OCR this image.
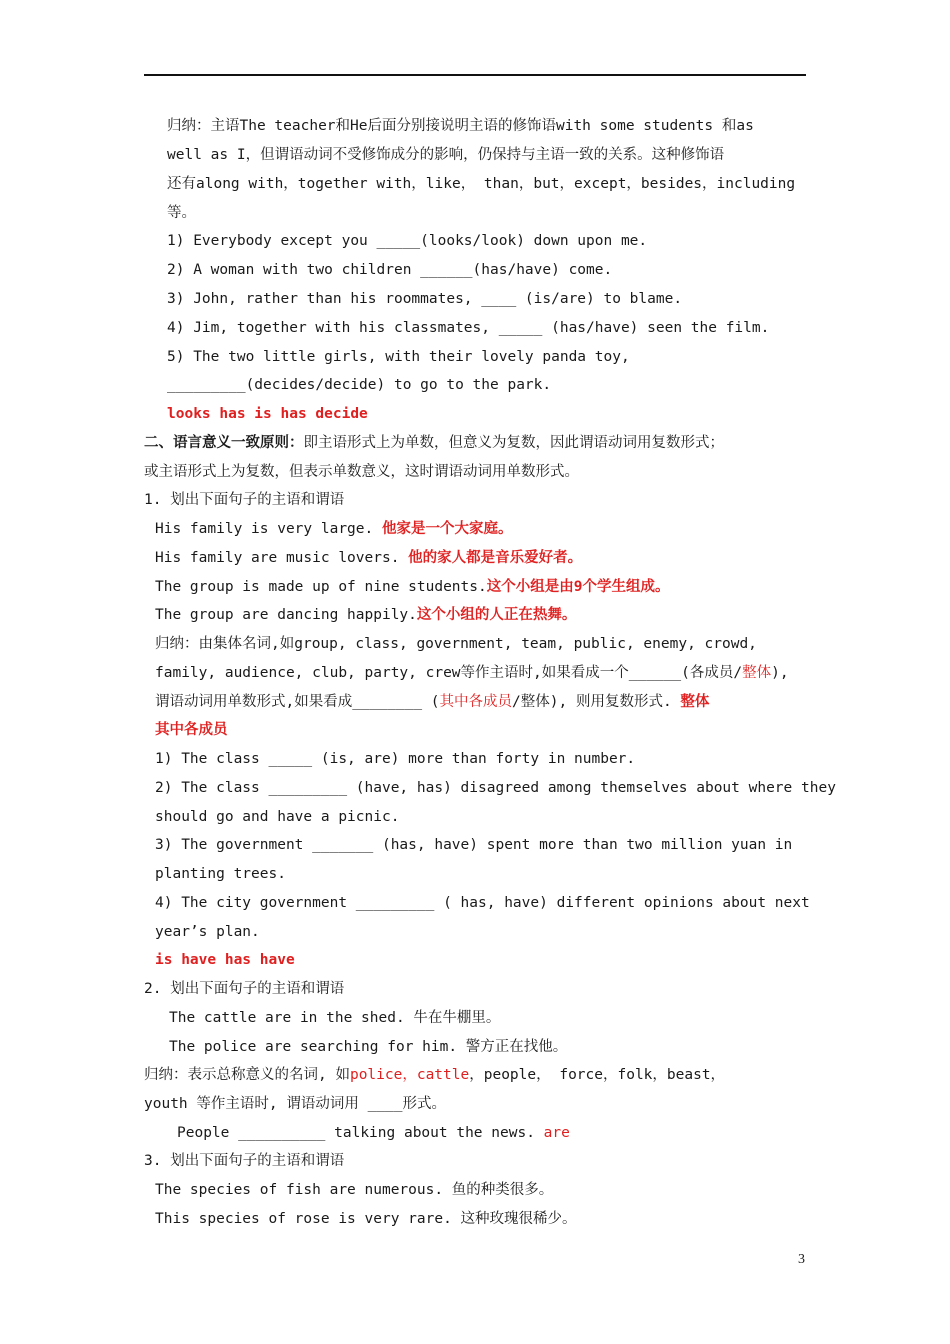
归纳：主语The teacher和He后面分别接说明主语的修饰语with some students 和as
well as I，但谓语动词不受修饰成分的影响，仍保持与主语一致的关系。这种修饰语
还有along with，together with，like， than，but，except，besides，including
等。
1) Everybody except you _____(looks/look) down upon me.
2) A woman with two children ______(has/have) come.
3) John, rather than his roommates, ____ (is/are) to blame.
4) Jim, together with his classmates, _____ (has/have) seen the film.
5) The two little girls, with their lovely panda toy,
_________(decides/decide) to go to the park.
looks has is has decide
二、语言意义一致原则：即主语形式上为单数，但意义为复数，因此谓语动词用复数形式；
或主语形式上为复数，但表示单数意义，这时谓语动词用单数形式。
1. 划出下面句子的主语和谓语
His family is very large. 他家是一个大家庭。
His family are music lovers. 他的家人都是音乐爱好者。
The group is made up of nine students.这个小组是由9个学生组成。
The group are dancing happily.这个小组的人正在热舞。
归纳：由集体名词,如group, class, government, team, public, enemy, crowd,
family, audience, club, party, crew等作主语时,如果看成一个______(各成员/整体),
谓语动词用单数形式,如果看成________ (其中各成员/整体), 则用复数形式. 整体
其中各成员
1) The class _____ (is, are) more than forty in number.
2) The class _________ (have, has) disagreed among themselves about where they
should go and have a picnic.
3) The government _______ (has, have) spent more than two million yuan in
planting trees.
4) The city government _________ ( has, have) different opinions about next
year’s plan.
is have has have
2. 划出下面句子的主语和谓语
The cattle are in the shed. 牛在牛棚里。
The police are searching for him. 警方正在找他。
归纳：表示总称意义的名词, 如police，cattle，people， force，folk，beast，
youth 等作主语时, 谓语动词用 ____形式。
People __________ talking about the news. are
3. 划出下面句子的主语和谓语
The species of fish are numerous. 鱼的种类很多。
This species of rose is very rare. 这种玫瑰很稀少。
3
